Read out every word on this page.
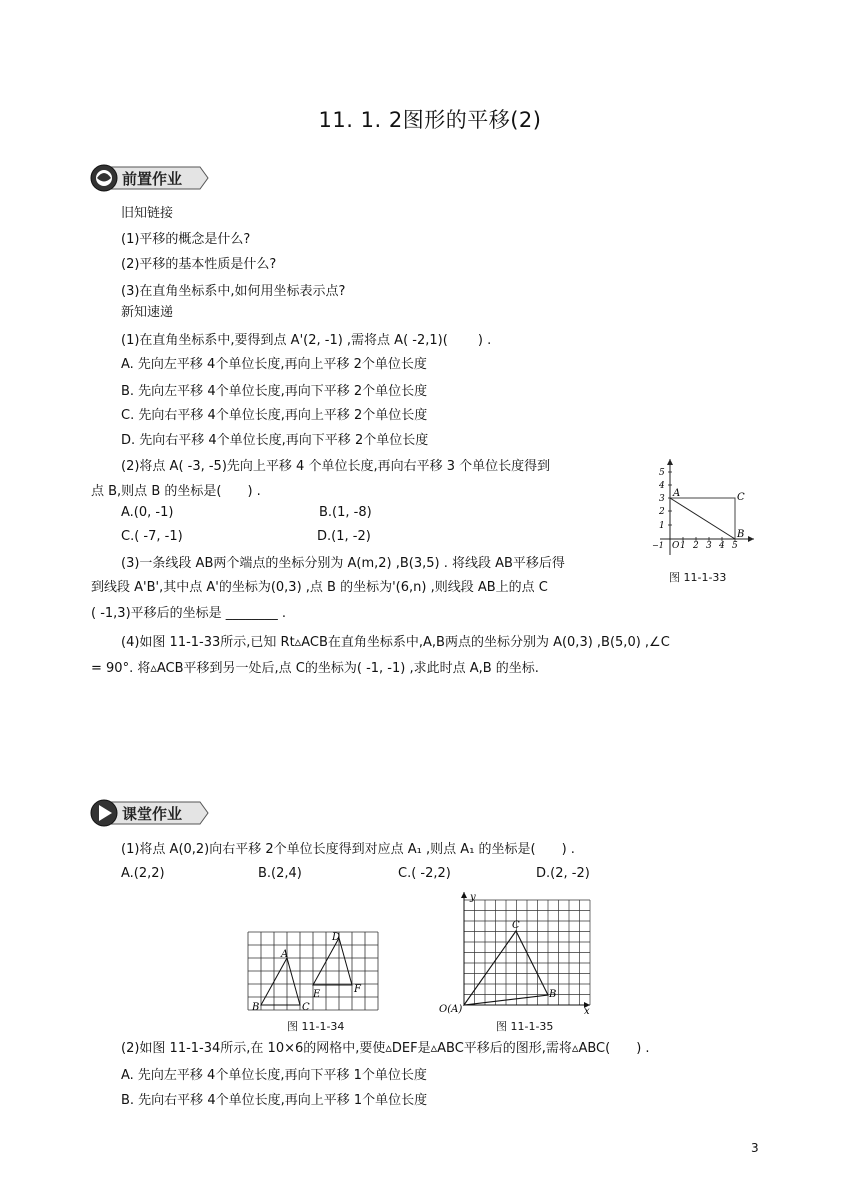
11. 1. 2图形的平移(2)
前置作业
旧知链接
(1)平移的概念是什么?
(2)平移的基本性质是什么?
(3)在直角坐标系中,如何用坐标表示点?
新知速递
(1)在直角坐标系中,要得到点 A'(2, -1) ,需将点 A( -2,1)(　　 ) .
A. 先向左平移 4个单位长度,再向上平移 2个单位长度
B. 先向左平移 4个单位长度,再向下平移 2个单位长度
C. 先向右平移 4个单位长度,再向上平移 2个单位长度
D. 先向右平移 4个单位长度,再向下平移 2个单位长度
(2)将点 A( -3, -5)先向上平移 4 个单位长度,再向右平移 3 个单位长度得到
点 B,则点 B 的坐标是(　　) .
A.(0, -1)	B.(1, -8)
C.( -7, -1)	D.(1, -2)
(3)一条线段 AB两个端点的坐标分别为 A(m,2) ,B(3,5) . 将线段 AB平移后得
到线段 A'B',其中点 A'的坐标为(0,3) ,点 B 的坐标为'(6,n) ,则线段 AB上的点 C
( -1,3)平移后的坐标是 ________ .
(4)如图 11-1-33所示,已知 Rt▵ACB在直角坐标系中,A,B两点的坐标分别为 A(0,3) ,B(5,0) ,∠C
= 90°. 将▵ACB平移到另一处后,点 C的坐标为( -1, -1) ,求此时点 A,B 的坐标.
5
4
3
2
1
1 2 3 4 5
O
−1
A	C
B
图 11-1-33
课堂作业
(1)将点 A(0,2)向右平移 2个单位长度得到对应点 A₁ ,则点 A₁ 的坐标是(　　) .
A.(2,2)	B.(2,4)	C.( -2,2)	D.(2, -2)
A
B	C
D
E	F
图 11-1-34
y
x
C
B
O(A)
图 11-1-35
(2)如图 11-1-34所示,在 10×6的网格中,要使▵DEF是▵ABC平移后的图形,需将▵ABC(　　) .
A. 先向左平移 4个单位长度,再向下平移 1个单位长度
B. 先向右平移 4个单位长度,再向上平移 1个单位长度
3
